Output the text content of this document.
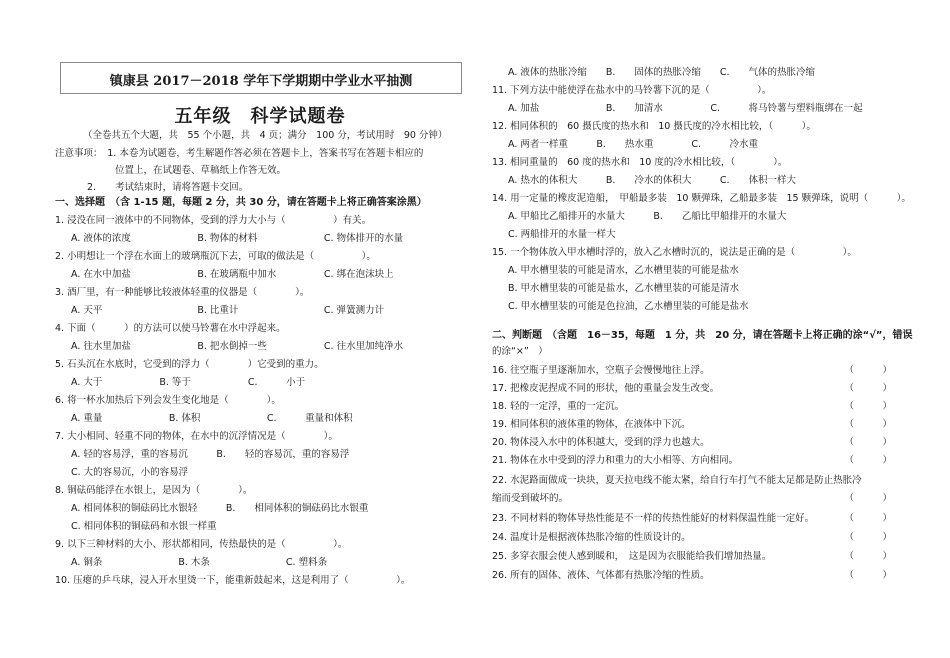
镇康县 2017－2018 学年下学期期中学业水平抽测
五年级　科学试题卷
（全卷共五个大题，共　55 个小题，共　4 页；满分　100 分，考试用时　90 分钟）
注意事项：　1. 本卷为试题卷，考生解题作答必须在答题卡上，答案书写在答题卡相应的
位置上，在试题卷、草稿纸上作答无效。
2.　　考试结束时，请将答题卡交回。
一、选择题　（含 1-15 题，每题 2 分，共 30 分，请在答题卡上将正确答案涂黑）
1. 浸没在同一液体中的不同物体，受到的浮力大小与（　　　　　）有关。
A. 液体的浓度　　　　　　　B. 物体的材料　　　　　　　C. 物体排开的水量
2. 小明想让一个浮在水面上的玻璃瓶沉下去，可取的做法是（　　　　　）。
A. 在水中加盐　　　　　　　B. 在玻璃瓶中加水　　　　　C. 绑在泡沫块上
3. 酒厂里，有一种能够比较液体轻重的仪器是（　　　　）。
A. 天平　　　　　　　　　　B. 比重计　　　　　　　　　C. 弹簧测力计
4. 下面（　　　）的方法可以使马铃薯在水中浮起来。
A. 往水里加盐　　　　　　　B. 把水倒掉一些　　　　　　C. 往水里加纯净水
5. 石头沉在水底时，它受到的浮力（　　　　）它受到的重力。
A. 大于　　　　　　B. 等于　　　　　　C.　　　小于
6. 将一杯水加热后下列会发生变化地是（　　　　）。
A. 重量　　　　　　　B. 体积　　　　　　　C.　　　重量和体积
7. 大小相同、轻重不同的物体，在水中的沉浮情况是（　　　　）。
A. 轻的容易浮，重的容易沉　　　B.　　轻的容易沉，重的容易浮
C. 大的容易沉，小的容易浮
8. 铜砝码能浮在水银上，是因为（　　　　）。
A. 相同体积的铜砝码比水银轻　　　B.　　相同体积的铜砝码比水银重
C. 相同体积的铜砝码和水银一样重
9. 以下三种材料的大小、形状都相同，传热最快的是（　　　　　）。
A. 铜条　　　　　　　　B. 木条　　　　　　　　C. 塑料条
10. 压瘪的乒乓球，浸入开水里烫一下，能重新鼓起来，这是利用了（　　　　　）。
A. 液体的热胀冷缩　　B.　　固体的热胀冷缩　　C.　　气体的热胀冷缩
11. 下列方法中能使浮在盐水中的马铃薯下沉的是（　　　　　）。
A. 加盐　　　　　　　B.　　加清水　　　　　C.　　　将马铃薯与塑料瓶绑在一起
12. 相同体积的　60 摄氏度的热水和　10 摄氏度的冷水相比较，（　　　）。
A. 两者一样重　　　B.　　热水重　　　　C.　　　冷水重
13. 相同重量的　60 度的热水和　10 度的冷水相比较，（　　　　）。
A. 热水的体积大　　　B.　　冷水的体积大　　　C.　　体积一样大
14. 用一定量的橡皮泥造船，　甲船最多装　10 颗弹珠，乙船最多装　15 颗弹珠，说明（　　　）。
A. 甲船比乙船排开的水量大　　　B.　　乙船比甲船排开的水量大
C. 两船排开的水量一样大
15. 一个物体放入甲水槽时浮的，放入乙水槽时沉的，说法是正确的是（　　　　　）。
A. 甲水槽里装的可能是清水，乙水槽里装的可能是盐水
B. 甲水槽里装的可能是盐水，乙水槽里装的可能是清水
C. 甲水槽里装的可能是色拉油，乙水槽里装的可能是盐水
二、判断题　（含题　16－35，每题　1 分，共　20 分，请在答题卡上将正确的涂“√”，错误
的涂“×”　）
16. 往空瓶子里逐渐加水，空瓶子会慢慢地往上浮。	（　　　）
17. 把橡皮泥捏成不同的形状，他的重量会发生改变。	（　　　）
18. 轻的一定浮，重的一定沉。	（　　　）
19. 相同体积的液体重的物体，在液体中下沉。	（　　　）
20. 物体浸入水中的体积越大，受到的浮力也越大。	（　　　）
21. 物体在水中受到的浮力和重力的大小相等、方向相同。	（　　　）
22. 水泥路面做成一块块，夏天拉电线不能太紧，给自行车打气不能太足都是防止热胀冷
缩而受到破坏的。	（　　　）
23. 不同材料的物体导热性能是不一样的传热性能好的材料保温性能一定好。	（　　　）
24. 温度计是根据液体热胀冷缩的性质设计的。	（　　　）
25. 多穿衣服会使人感到暖和，　这是因为衣服能给我们增加热量。	（　　　）
26. 所有的固体、液体、气体都有热胀冷缩的性质。	（　　　）
